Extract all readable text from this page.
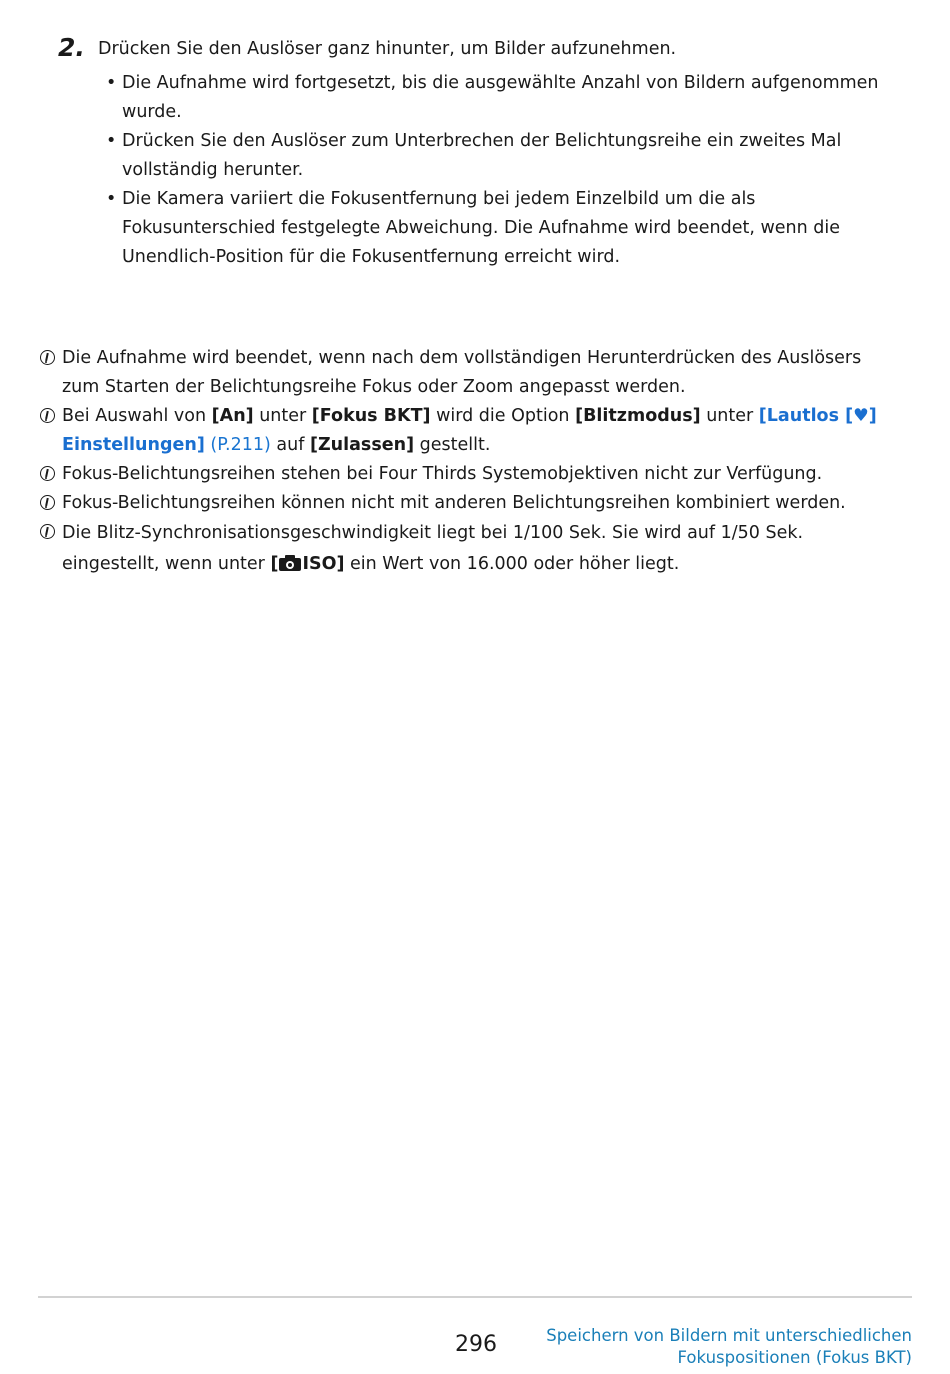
2. Drücken Sie den Auslöser ganz hinunter, um Bilder aufzunehmen.
• Die Aufnahme wird fortgesetzt, bis die ausgewählte Anzahl von Bildern aufgenommen wurde.
• Drücken Sie den Auslöser zum Unterbrechen der Belichtungsreihe ein zweites Mal vollständig herunter.
• Die Kamera variiert die Fokusentfernung bei jedem Einzelbild um die als Fokusunterschied festgelegte Abweichung. Die Aufnahme wird beendet, wenn die Unendlich-Position für die Fokusentfernung erreicht wird.
Die Aufnahme wird beendet, wenn nach dem vollständigen Herunterdrücken des Auslösers zum Starten der Belichtungsreihe Fokus oder Zoom angepasst werden.
Bei Auswahl von [An] unter [Fokus BKT] wird die Option [Blitzmodus] unter [Lautlos [♥] Einstellungen] (P.211) auf [Zulassen] gestellt.
Fokus-Belichtungsreihen stehen bei Four Thirds Systemobjektiven nicht zur Verfügung.
Fokus-Belichtungsreihen können nicht mit anderen Belichtungsreihen kombiniert werden.
Die Blitz-Synchronisationsgeschwindigkeit liegt bei 1/100 Sek. Sie wird auf 1/50 Sek. eingestellt, wenn unter [ ISO] ein Wert von 16.000 oder höher liegt.
296	Speichern von Bildern mit unterschiedlichen
Fokuspositionen (Fokus BKT)
